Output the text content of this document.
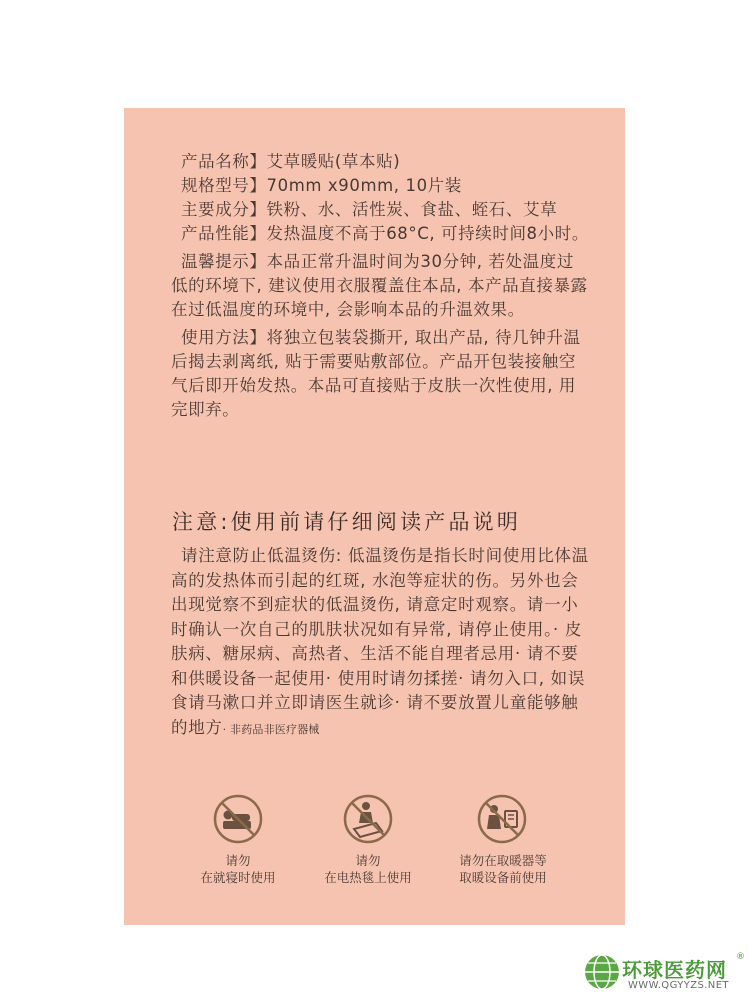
产品名称】艾草暖贴(草本贴)

规格型号】70mm x90mm, 10片装

主要成分】铁粉、水、活性炭、食盐、蛭石、艾草

产品性能】发热温度不高于68°C, 可持续时间8小时。

温馨提示】本品正常升温时间为30分钟, 若处温度过低的环境下, 建议使用衣服覆盖住本品, 本产品直接暴露在过低温度的环境中, 会影响本品的升温效果。

使用方法】将独立包装袋撕开, 取出产品, 待几钟升温后揭去剥离纸, 贴于需要贴敷部位。产品开包装接触空气后即开始发热。本品可直接贴于皮肤一次性使用, 用完即弃。

注意:使用前请仔细阅读产品说明

请注意防止低温烫伤: 低温烫伤是指长时间使用比体温高的发热体而引起的红斑, 水泡等症状的伤。另外也会出现觉察不到症状的低温烫伤, 请意定时观察。请一小时确认一次自己的肌肤状况如有异常, 请停止使用。· 皮肤病、糖尿病、高热者、生活不能自理者忌用· 请不要和供暖设备一起使用· 使用时请勿揉搓· 请勿入口, 如误食请马漱口并立即请医生就诊· 请不要放置儿童能够触的地方· 非药品非医疗器械

请勿
在就寝时使用
请勿
在电热毯上使用
请勿在取暖器等
取暖设备前使用
环球医药网
®
WWW.QGYYZS.NET
